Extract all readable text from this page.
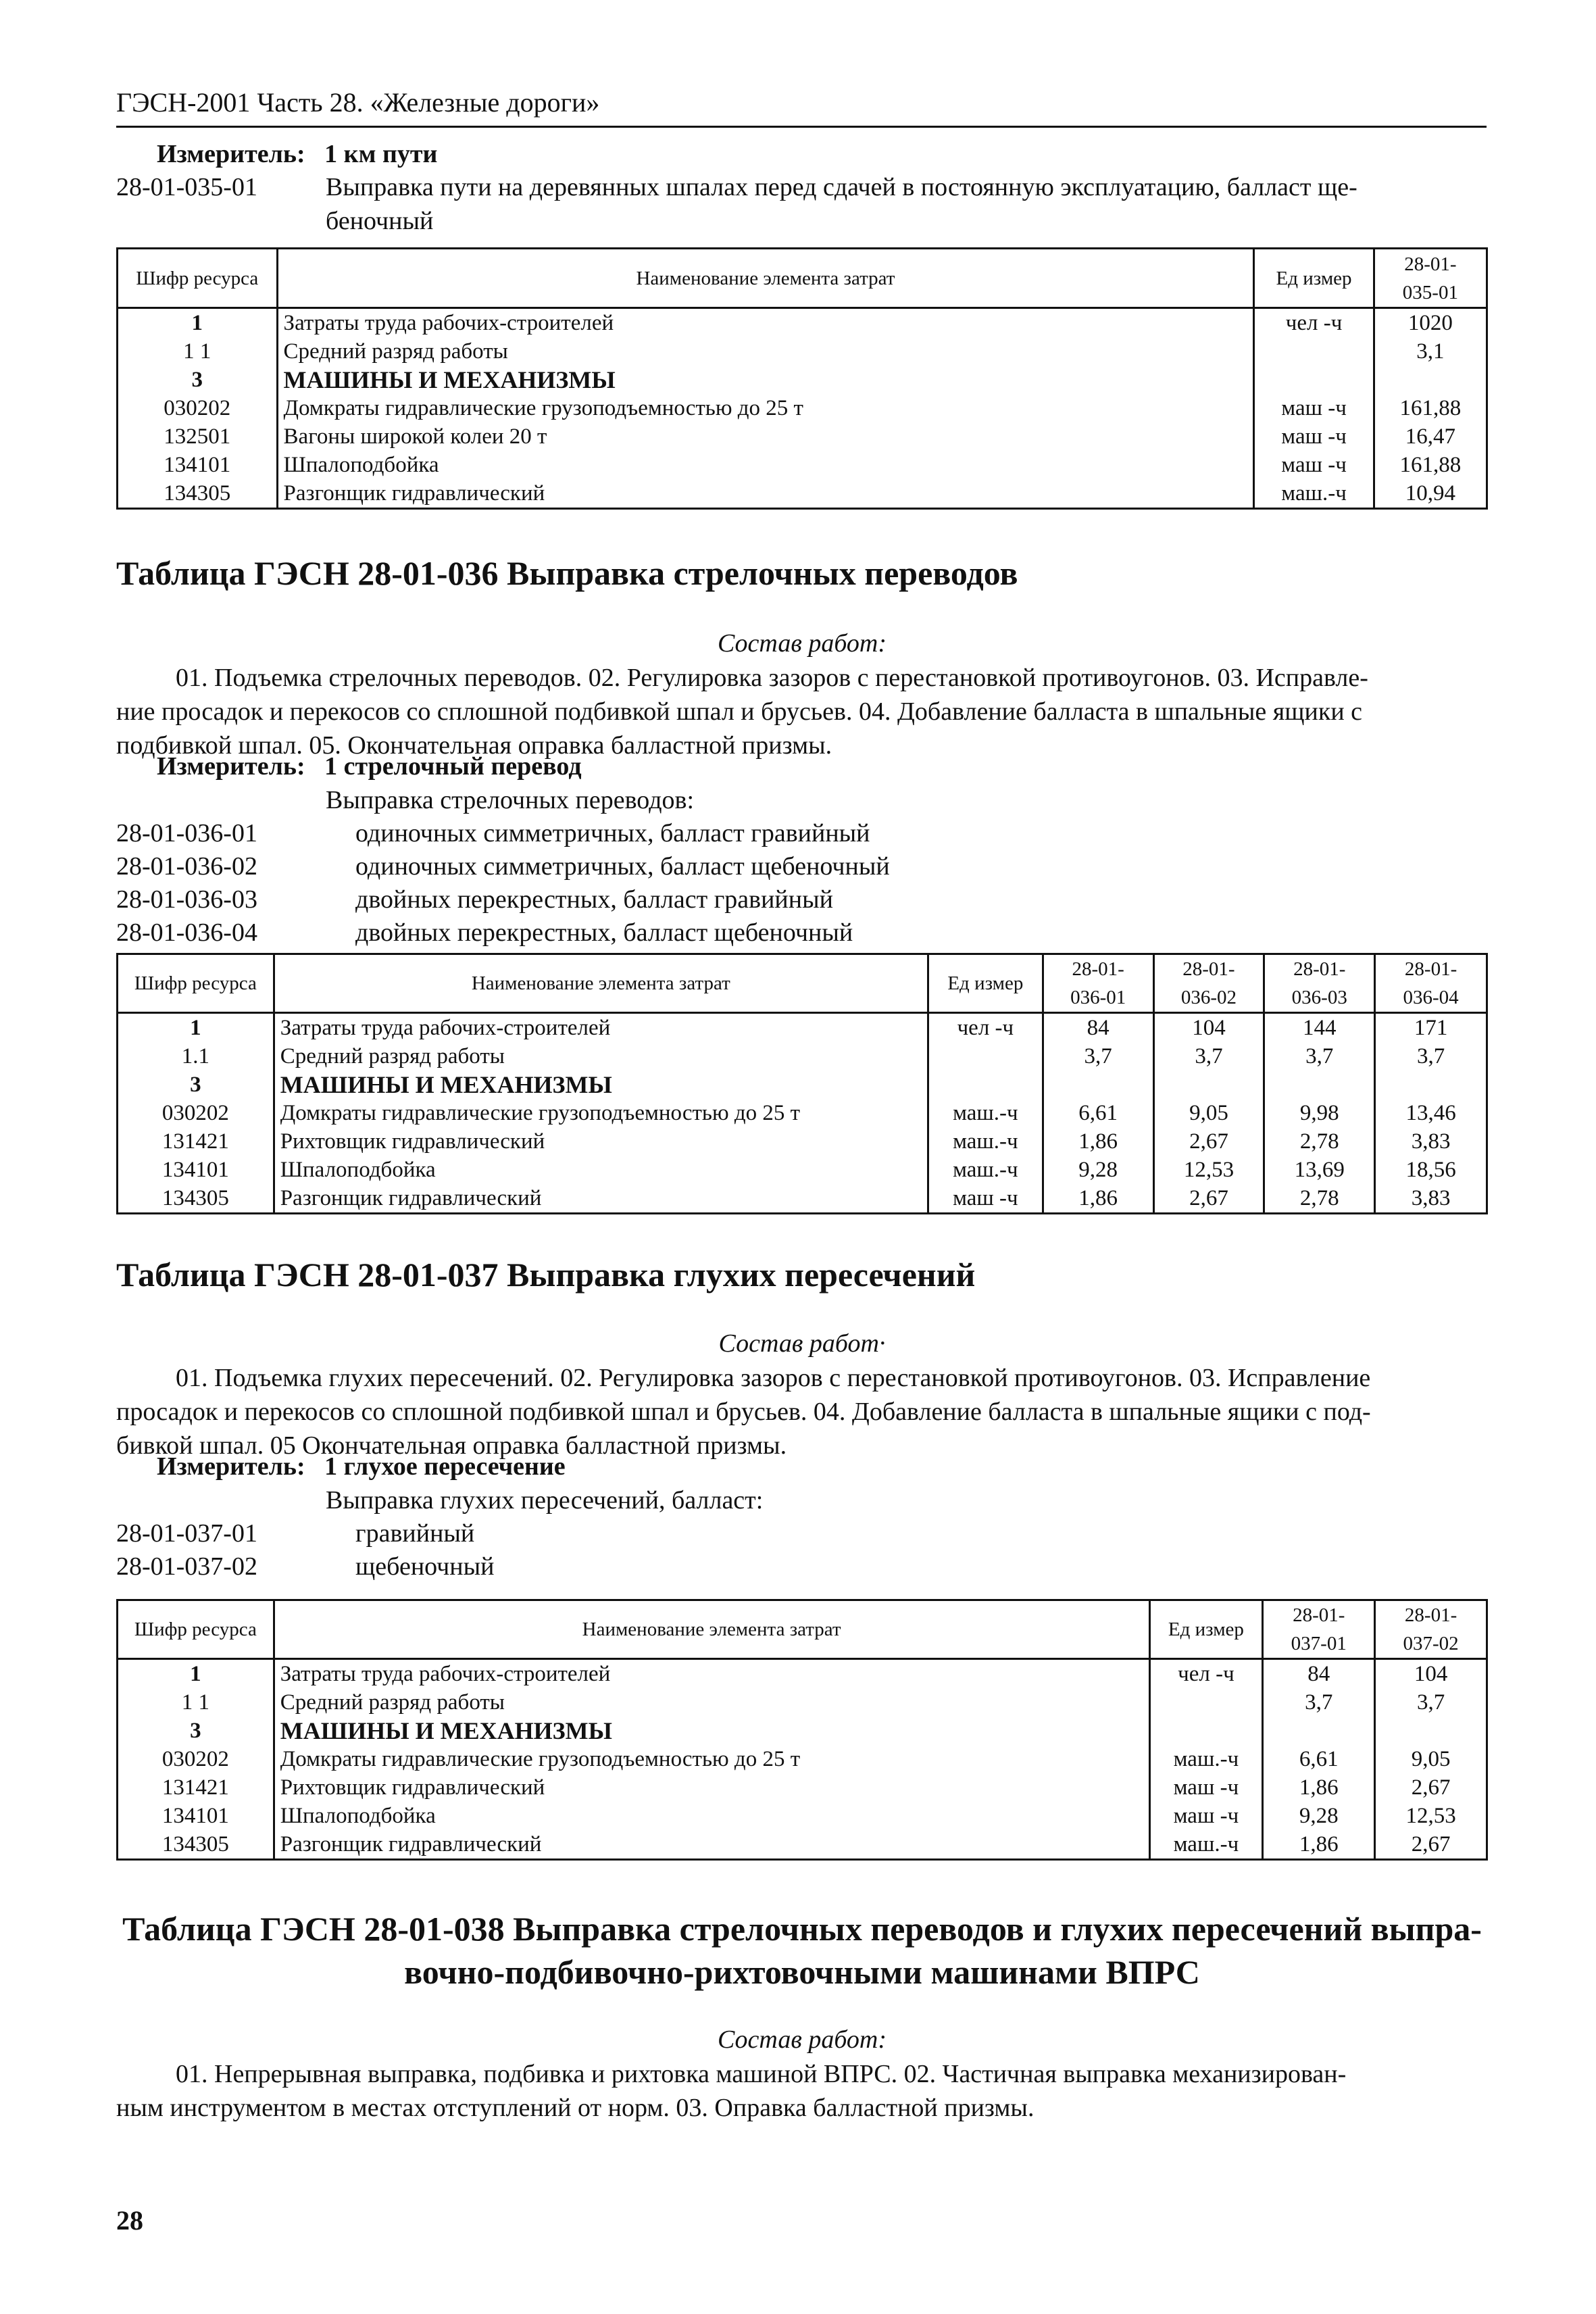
ГЭСН-2001 Часть 28. «Железные дороги»
Измеритель: 1 км пути
28-01-035-01	Выправка пути на деревянных шпалах перед сдачей в постоянную эксплуатацию, балласт ще-
беночный
Шифр ресурса	Наименование элемента затрат	Ед измер	28-01-
035-01
1	Затраты труда рабочих-строителей	чел -ч	1020
1 1	Средний разряд работы		3,1
3	МАШИНЫ И МЕХАНИЗМЫ		
030202	Домкраты гидравлические грузоподъемностью до 25 т	маш -ч	161,88
132501	Вагоны широкой колеи 20 т	маш -ч	16,47
134101	Шпалоподбойка	маш -ч	161,88
134305	Разгонщик гидравлический	маш.-ч	10,94
Таблица ГЭСН 28-01-036 Выправка стрелочных переводов
Состав работ:
01. Подъемка стрелочных переводов. 02. Регулировка зазоров с перестановкой противоугонов. 03. Исправле-
ние просадок и перекосов со сплошной подбивкой шпал и брусьев. 04. Добавление балласта в шпальные ящики с
подбивкой шпал. 05. Окончательная оправка балластной призмы.
Измеритель: 1 стрелочный перевод
Выправка стрелочных переводов:
28-01-036-01	одиночных симметричных, балласт гравийный
28-01-036-02	одиночных симметричных, балласт щебеночный
28-01-036-03	двойных перекрестных, балласт гравийный
28-01-036-04	двойных перекрестных, балласт щебеночный
Шифр ресурса	Наименование элемента затрат	Ед измер	28-01-
036-01	28-01-
036-02	28-01-
036-03	28-01-
036-04
1	Затраты труда рабочих-строителей	чел -ч	84	104	144	171
1.1	Средний разряд работы		3,7	3,7	3,7	3,7
3	МАШИНЫ И МЕХАНИЗМЫ					
030202	Домкраты гидравлические грузоподъемностью до 25 т	маш.-ч	6,61	9,05	9,98	13,46
131421	Рихтовщик гидравлический	маш.-ч	1,86	2,67	2,78	3,83
134101	Шпалоподбойка	маш.-ч	9,28	12,53	13,69	18,56
134305	Разгонщик гидравлический	маш -ч	1,86	2,67	2,78	3,83
Таблица ГЭСН 28-01-037 Выправка глухих пересечений
Состав работ·
01. Подъемка глухих пересечений. 02. Регулировка зазоров с перестановкой противоугонов. 03. Исправление
просадок и перекосов со сплошной подбивкой шпал и брусьев. 04. Добавление балласта в шпальные ящики с под-
бивкой шпал. 05 Окончательная оправка балластной призмы.
Измеритель: 1 глухое пересечение
Выправка глухих пересечений, балласт:
28-01-037-01	гравийный
28-01-037-02	щебеночный
Шифр ресурса	Наименование элемента затрат	Ед измер	28-01-
037-01	28-01-
037-02
1	Затраты труда рабочих-строителей	чел -ч	84	104
1 1	Средний разряд работы		3,7	3,7
3	МАШИНЫ И МЕХАНИЗМЫ			
030202	Домкраты гидравлические грузоподъемностью до 25 т	маш.-ч	6,61	9,05
131421	Рихтовщик гидравлический	маш -ч	1,86	2,67
134101	Шпалоподбойка	маш -ч	9,28	12,53
134305	Разгонщик гидравлический	маш.-ч	1,86	2,67
Таблица ГЭСН 28-01-038 Выправка стрелочных переводов и глухих пересечений выпра-
вочно-подбивочно-рихтовочными машинами ВПРС
Состав работ:
01. Непрерывная выправка, подбивка и рихтовка машиной ВПРС. 02. Частичная выправка механизирован-
ным инструментом в местах отступлений от норм. 03. Оправка балластной призмы.
28
